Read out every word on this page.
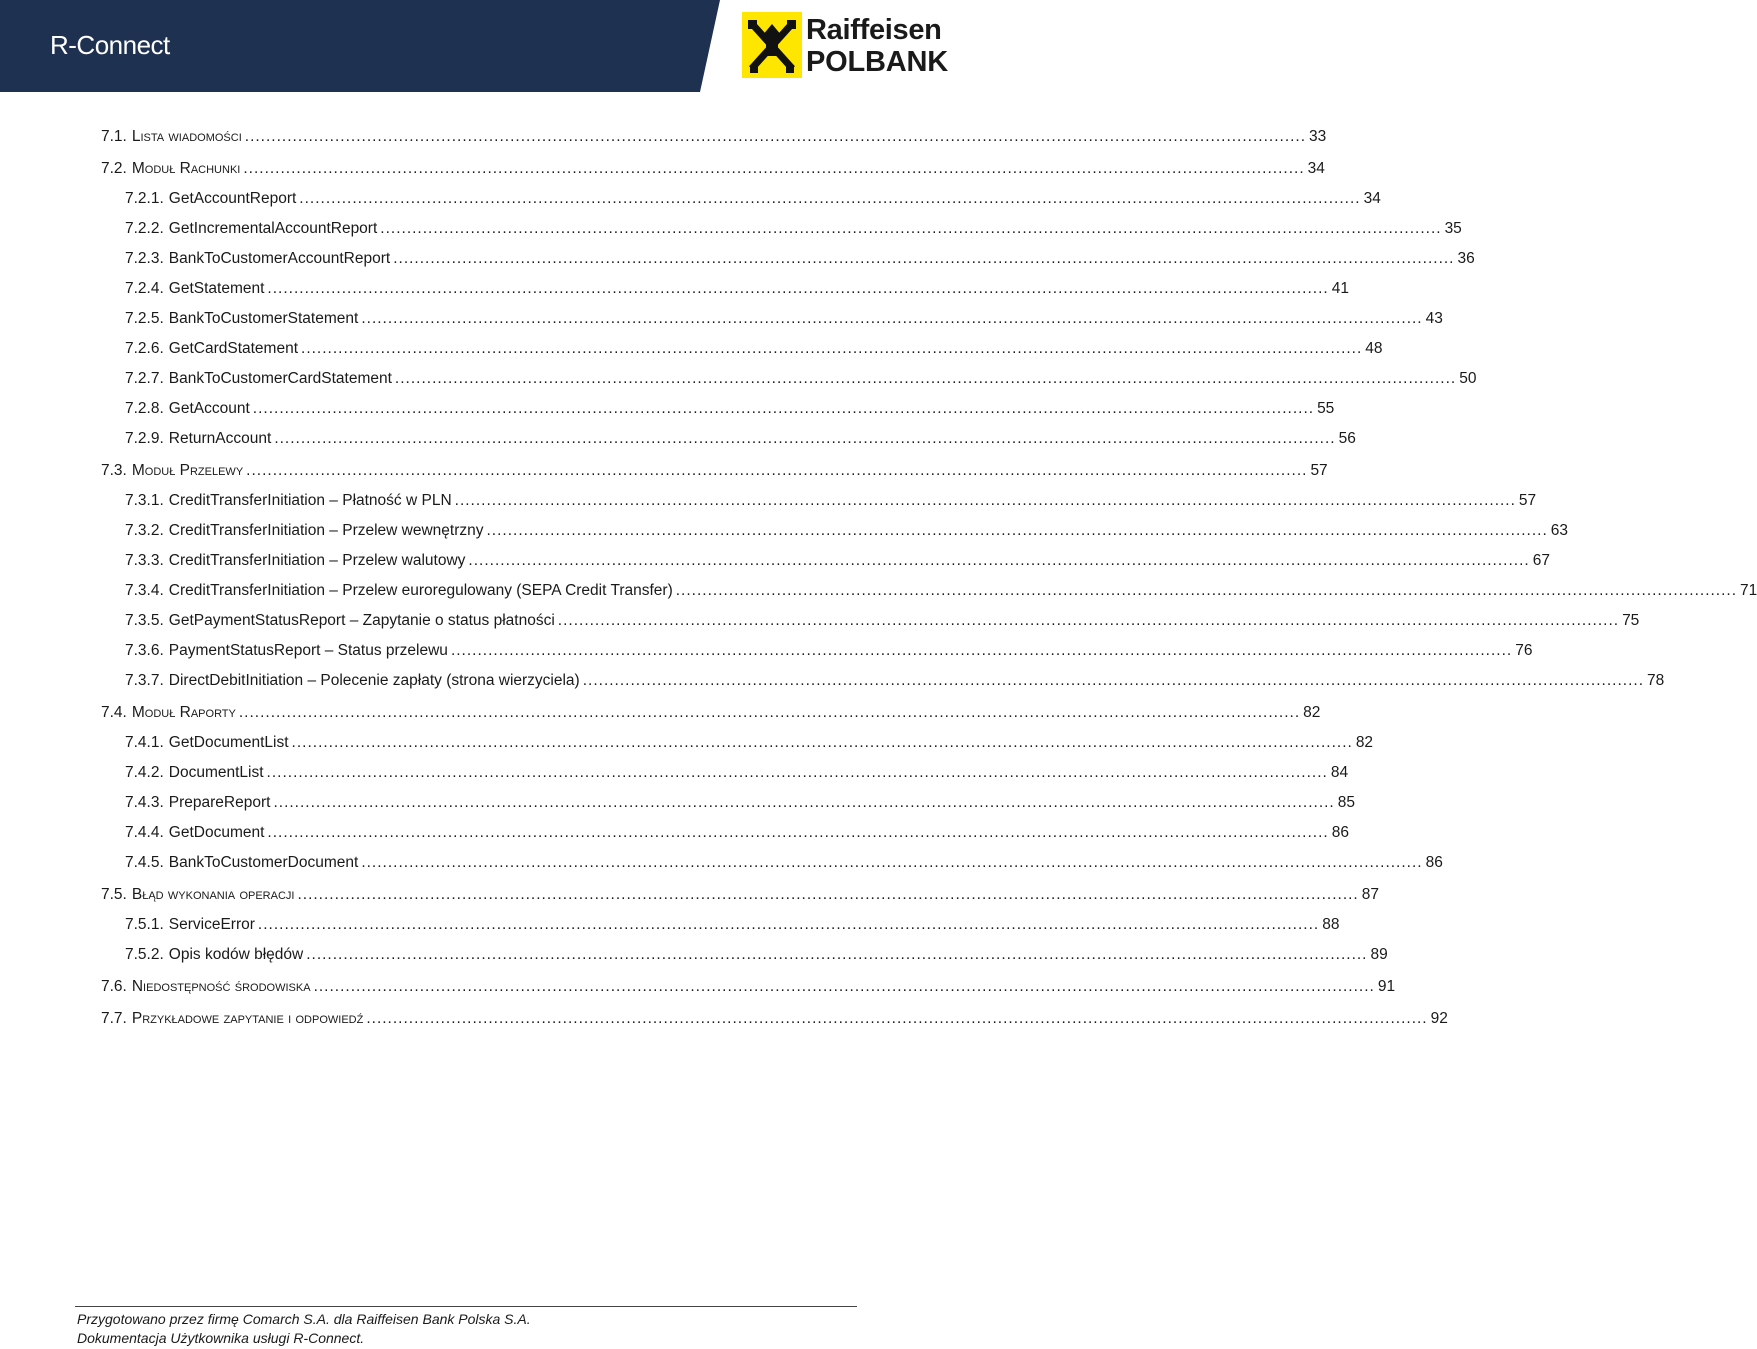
R-Connect	Raiffeisen
POLBANK
7.1. Lista wiadomości ........................................................................................................................................................................................................ 33
7.2. Moduł Rachunki ........................................................................................................................................................................................................ 34
7.2.1. GetAccountReport ........................................................................................................................................................................................................ 34
7.2.2. GetIncrementalAccountReport ........................................................................................................................................................................................................ 35
7.2.3. BankToCustomerAccountReport ........................................................................................................................................................................................................ 36
7.2.4. GetStatement ........................................................................................................................................................................................................ 41
7.2.5. BankToCustomerStatement ........................................................................................................................................................................................................ 43
7.2.6. GetCardStatement ........................................................................................................................................................................................................ 48
7.2.7. BankToCustomerCardStatement ........................................................................................................................................................................................................ 50
7.2.8. GetAccount ........................................................................................................................................................................................................ 55
7.2.9. ReturnAccount ........................................................................................................................................................................................................ 56
7.3. Moduł Przelewy ........................................................................................................................................................................................................ 57
7.3.1. CreditTransferInitiation – Płatność w PLN ........................................................................................................................................................................................................ 57
7.3.2. CreditTransferInitiation – Przelew wewnętrzny ........................................................................................................................................................................................................ 63
7.3.3. CreditTransferInitiation – Przelew walutowy ........................................................................................................................................................................................................ 67
7.3.4. CreditTransferInitiation – Przelew euroregulowany (SEPA Credit Transfer) ........................................................................................................................................................................................................ 71
7.3.5. GetPaymentStatusReport – Zapytanie o status płatności ........................................................................................................................................................................................................ 75
7.3.6. PaymentStatusReport – Status przelewu ........................................................................................................................................................................................................ 76
7.3.7. DirectDebitInitiation – Polecenie zapłaty (strona wierzyciela) ........................................................................................................................................................................................................ 78
7.4. Moduł Raporty ........................................................................................................................................................................................................ 82
7.4.1. GetDocumentList ........................................................................................................................................................................................................ 82
7.4.2. DocumentList ........................................................................................................................................................................................................ 84
7.4.3. PrepareReport ........................................................................................................................................................................................................ 85
7.4.4. GetDocument ........................................................................................................................................................................................................ 86
7.4.5. BankToCustomerDocument ........................................................................................................................................................................................................ 86
7.5. Błąd wykonania operacji ........................................................................................................................................................................................................ 87
7.5.1. ServiceError ........................................................................................................................................................................................................ 88
7.5.2. Opis kodów błędów ........................................................................................................................................................................................................ 89
7.6. Niedostępność środowiska ........................................................................................................................................................................................................ 91
7.7. Przykładowe zapytanie i odpowiedź ........................................................................................................................................................................................................ 92
Przygotowano przez firmę Comarch S.A. dla Raiffeisen Bank Polska S.A.
Dokumentacja Użytkownika usługi R-Connect.
